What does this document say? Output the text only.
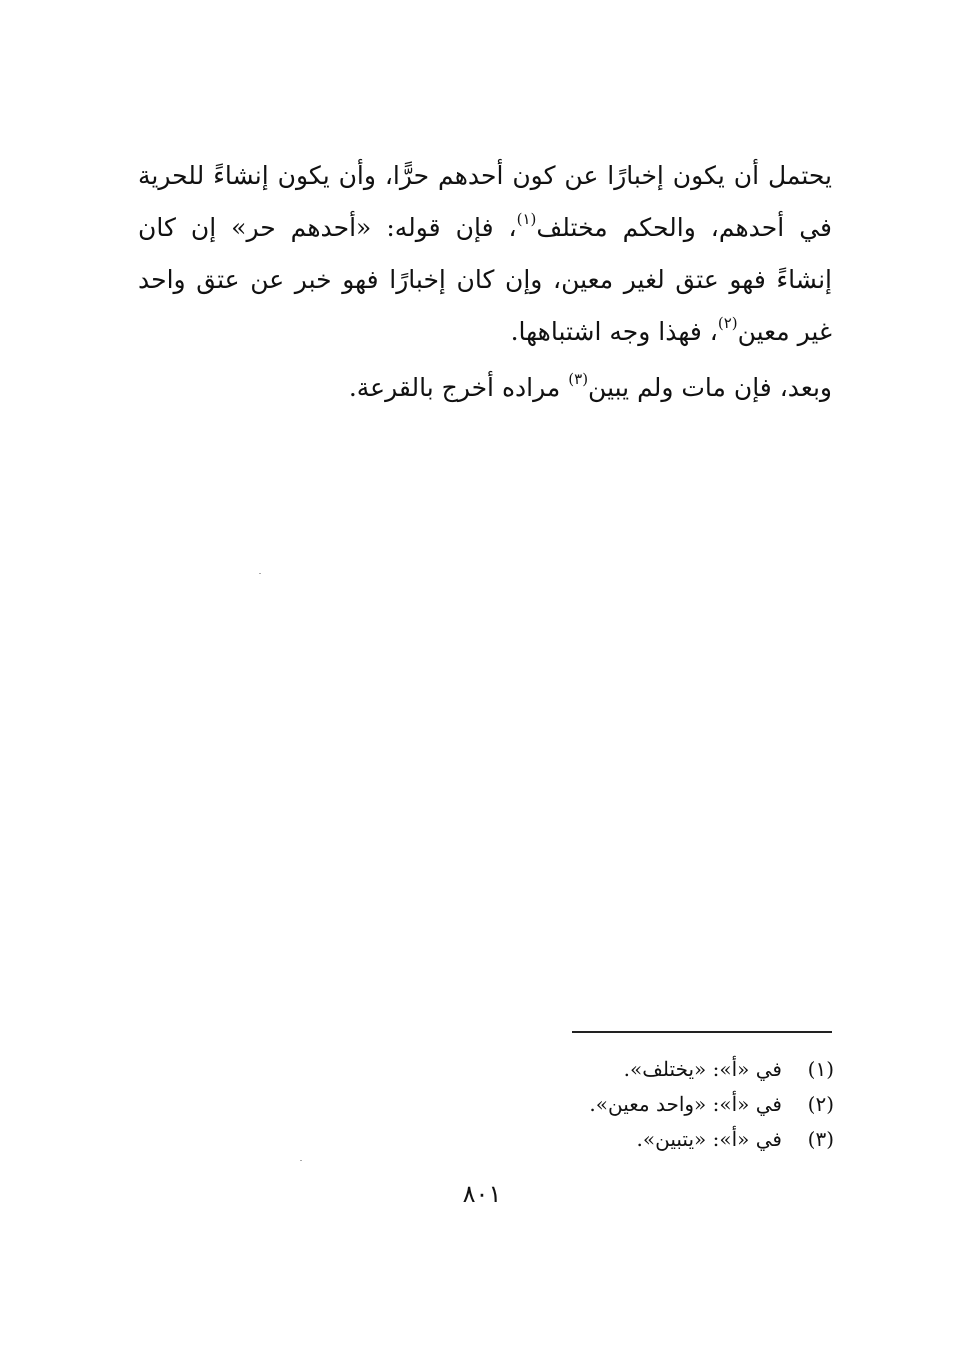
يحتمل أن يكون إخبارًا عن كون أحدهم حرًّا، وأن يكون إنشاءً للحرية في أحدهم، والحكم مختلف$^{(١)}$، فإن قوله: «أحدهم حر» إن كان إنشاءً فهو عتق لغير معين، وإن كان إخبارًا فهو خبر عن عتق واحد غير معين$^{(٢)}$، فهذا وجه اشتباهها.

وبعد، فإن مات ولم يبين$^{(٣)}$ مراده أخرج بالقرعة.

(١)في «أ»: «يختلف».
(٢)في «أ»: «واحد معين».
(٣)في «أ»: «يتبين».
٨٠١
